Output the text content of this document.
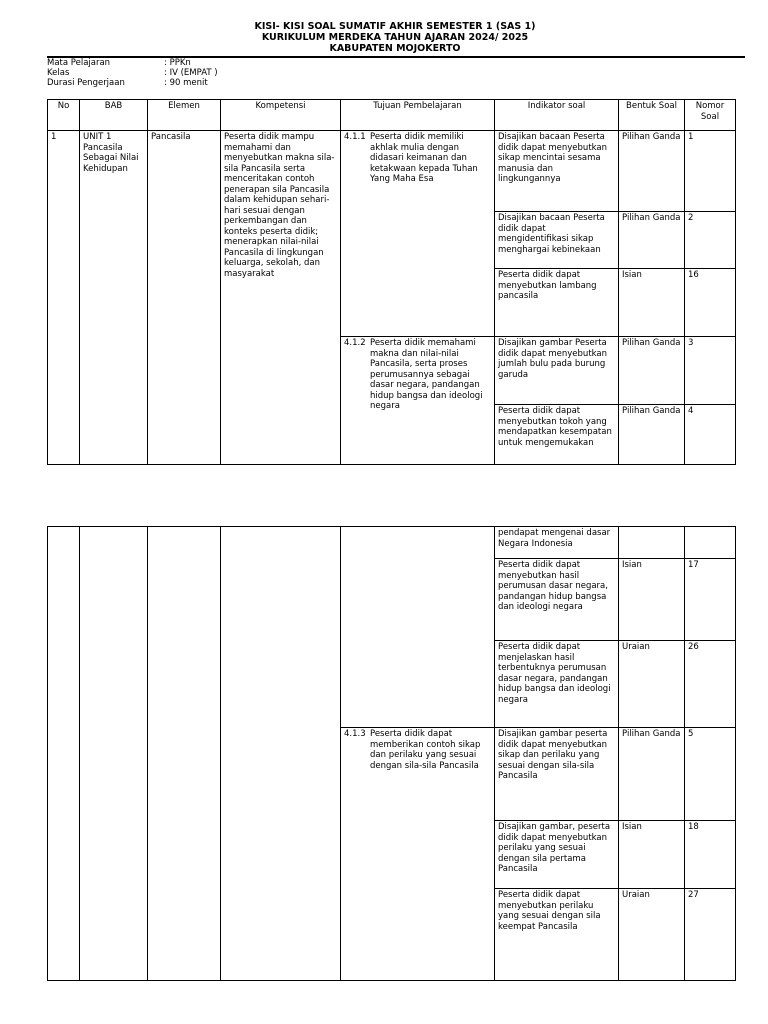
KISI- KISI SOAL SUMATIF AKHIR SEMESTER 1 (SAS 1)
KURIKULUM MERDEKA TAHUN AJARAN 2024/ 2025
KABUPATEN MOJOKERTO
Mata Pelajaran	: PPKn
Kelas	: IV (EMPAT )
Durasi Pengerjaan	: 90 menit
No	BAB	Elemen	Kompetensi	Tujuan Pembelajaran	Indikator soal	Bentuk Soal	Nomor Soal
1	UNIT 1 Pancasila Sebagai Nilai Kehidupan	Pancasila	Peserta didik mampu memahami dan menyebutkan makna sila-sila Pancasila serta menceritakan contoh penerapan sila Pancasila dalam kehidupan sehari-hari sesuai dengan perkembangan dan konteks peserta didik; menerapkan nilai-nilai Pancasila di lingkungan keluarga, sekolah, dan masyarakat	4.1.1 Peserta didik memiliki akhlak mulia dengan didasari keimanan dan ketakwaan kepada Tuhan Yang Maha Esa	Disajikan bacaan Peserta didik dapat menyebutkan sikap mencintai sesama manusia dan lingkungannya	Pilihan Ganda	1
					Disajikan bacaan Peserta didik dapat mengidentifikasi sikap menghargai kebinekaan	Pilihan Ganda	2
					Peserta didik dapat menyebutkan lambang pancasila	Isian	16

				4.1.2 Peserta didik memahami makna dan nilai-nilai Pancasila, serta proses perumusannya sebagai dasar negara, pandangan hidup bangsa dan ideologi negara	Disajikan gambar Peserta didik dapat menyebutkan jumlah bulu pada burung garuda	Pilihan Ganda	3
					Peserta didik dapat menyebutkan tokoh yang mendapatkan kesempatan untuk mengemukakan	Pilihan Ganda	4
					pendapat mengenai dasar Negara Indonesia		
					Peserta didik dapat menyebutkan hasil perumusan dasar negara, pandangan hidup bangsa dan ideologi negara	Isian	17
					Peserta didik dapat menjelaskan hasil terbentuknya perumusan dasar negara, pandangan hidup bangsa dan ideologi negara	Uraian	26

				4.1.3 Peserta didik dapat memberikan contoh sikap dan perilaku yang sesuai dengan sila-sila Pancasila	Disajikan gambar peserta didik dapat menyebutkan sikap dan perilaku yang sesuai dengan sila-sila Pancasila	Pilihan Ganda	5
					Disajikan gambar, peserta didik dapat menyebutkan perilaku yang sesuai dengan sila pertama Pancasila	Isian	18
					Peserta didik dapat menyebutkan perilaku yang sesuai dengan sila keempat Pancasila	Uraian	27
